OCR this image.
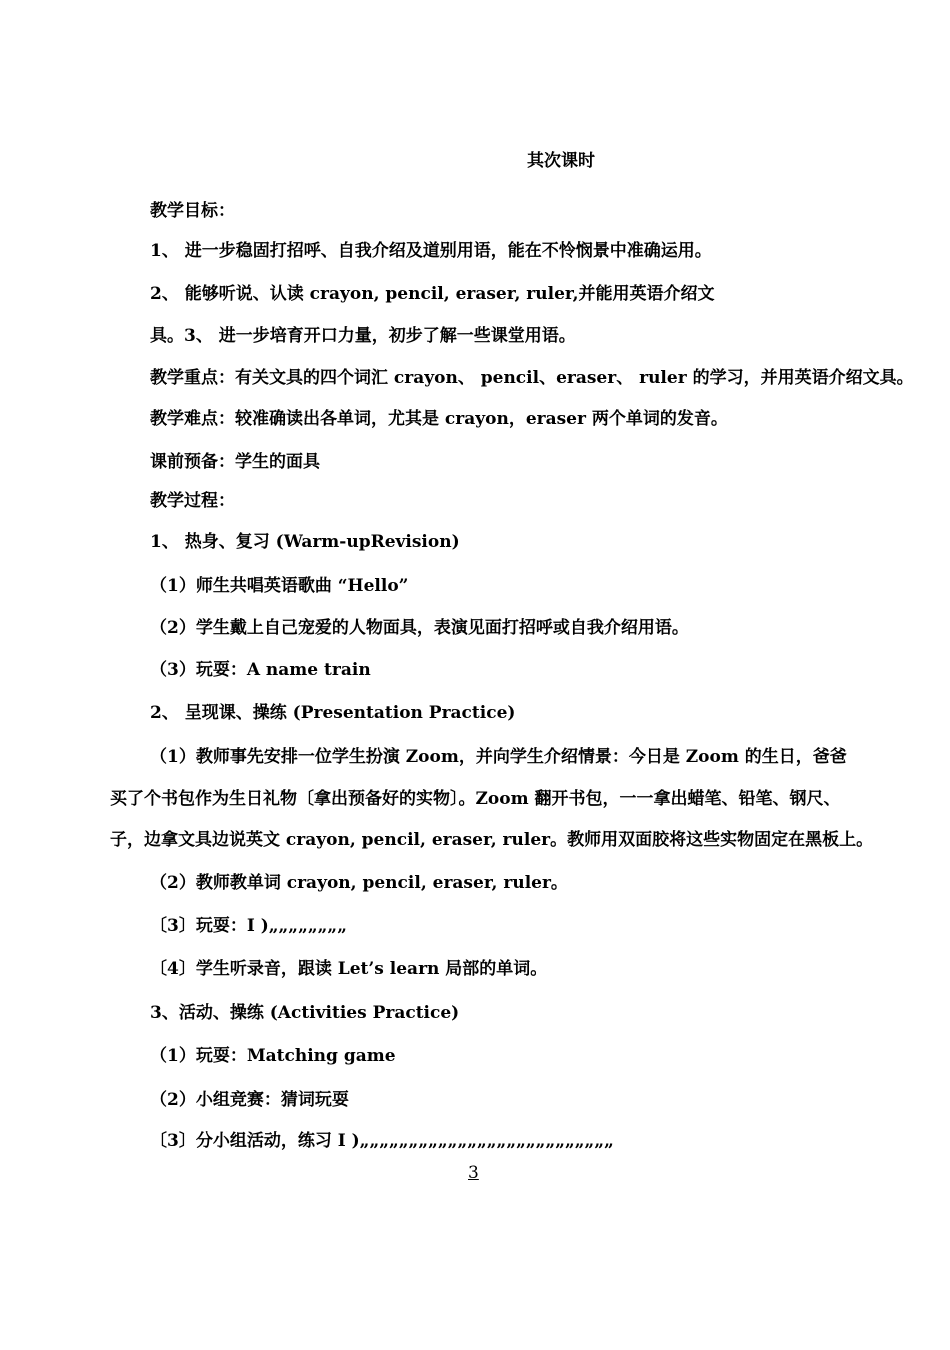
其次课时
教学目标：
1、 进一步稳固打招呼、自我介绍及道别用语，能在不怜悯景中准确运用。
2、 能够听说、认读 crayon, pencil, eraser, ruler,并能用英语介绍文
具。3、 进一步培育开口力量，初步了解一些课堂用语。
教学重点：有关文具的四个词汇 crayon、 pencil、eraser、 ruler 的学习，并用英语介绍文具。
教学难点：较准确读出各单词，尤其是 crayon，eraser 两个单词的发音。
课前预备：学生的面具
教学过程：
1、 热身、复习 (Warm-upRevision)
（1）师生共唱英语歌曲 “Hello”
（2）学生戴上自己宠爱的人物面具，表演见面打招呼或自我介绍用语。
（3）玩耍：A name train
2、 呈现课、操练 (Presentation Practice)
（1）教师事先安排一位学生扮演 Zoom，并向学生介绍情景：今日是 Zoom 的生日，爸爸
买了个书包作为生日礼物〔拿出预备好的实物〕。Zoom 翻开书包，一一拿出蜡笔、铅笔、钢尺、
子，边拿文具边说英文 crayon, pencil, eraser, ruler。教师用双面胶将这些实物固定在黑板上。
（2）教师教单词 crayon, pencil, eraser, ruler。
〔3〕玩耍：I )„„„„„„„„
〔4〕学生听录音，跟读 Let’s learn 局部的单词。
3、活动、操练 (Activities Practice)
（1）玩耍：Matching game
（2）小组竞赛：猜词玩耍
〔3〕分小组活动，练习 I )„„„„„„„„„„„„„„„„„„„„„„„„„„
3
